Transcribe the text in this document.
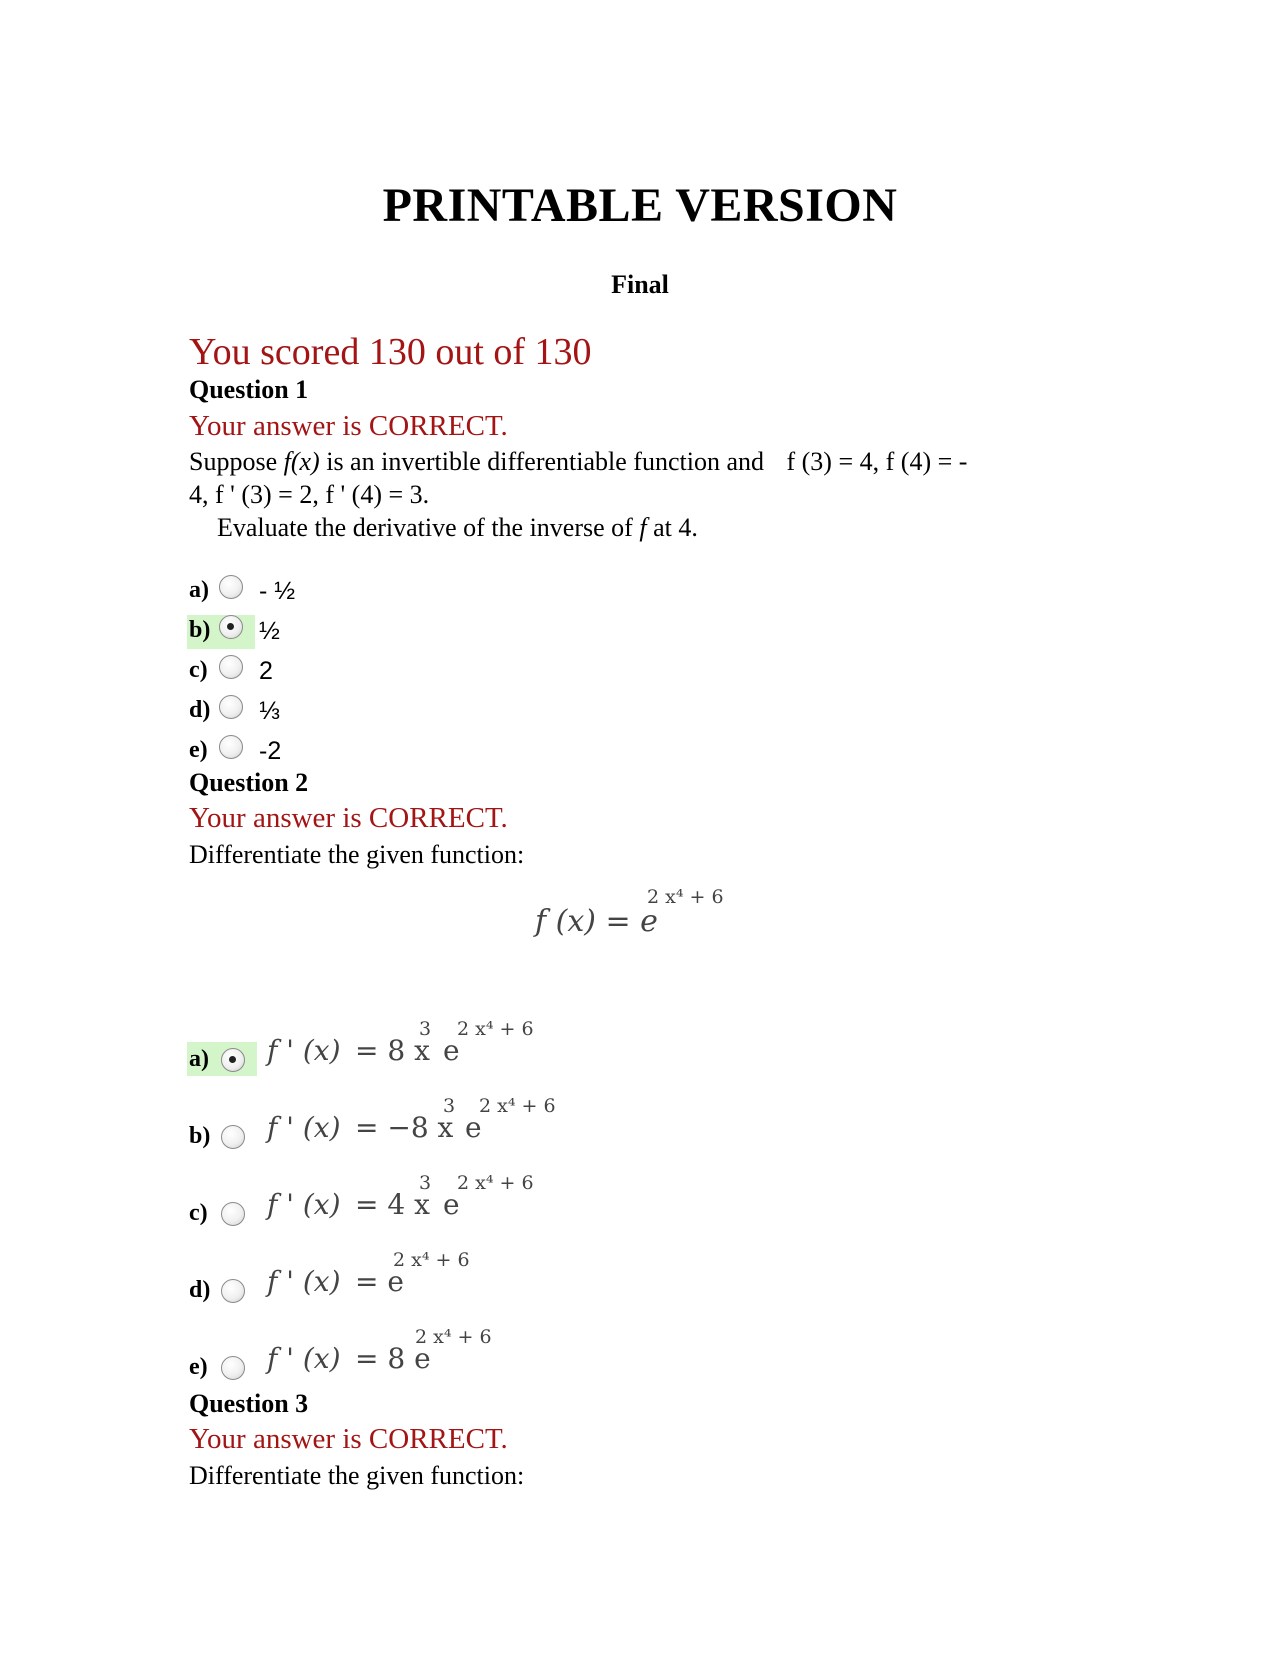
PRINTABLE VERSION
Final
You scored 130 out of 130
Question 1
Your answer is CORRECT.
Suppose f(x) is an invertible differentiable function and f (3) = 4, f (4) = -
4, f ' (3) = 2, f ' (4) = 3.
Evaluate the derivative of the inverse of f at 4.
a) - ½
b) ½
c) 2
d) ⅓
e) -2
Question 2
Your answer is CORRECT.
Differentiate the given function:
f (x) = e
2 x⁴ + 6
a) f ' (x) = 8 x
3
e
2 x⁴ + 6
b) f ' (x) = −8 x
3
e
2 x⁴ + 6
c) f ' (x) = 4 x
3
e
2 x⁴ + 6
d) f ' (x) = e
2 x⁴ + 6
e) f ' (x) = 8 e
2 x⁴ + 6
Question 3
Your answer is CORRECT.
Differentiate the given function:
